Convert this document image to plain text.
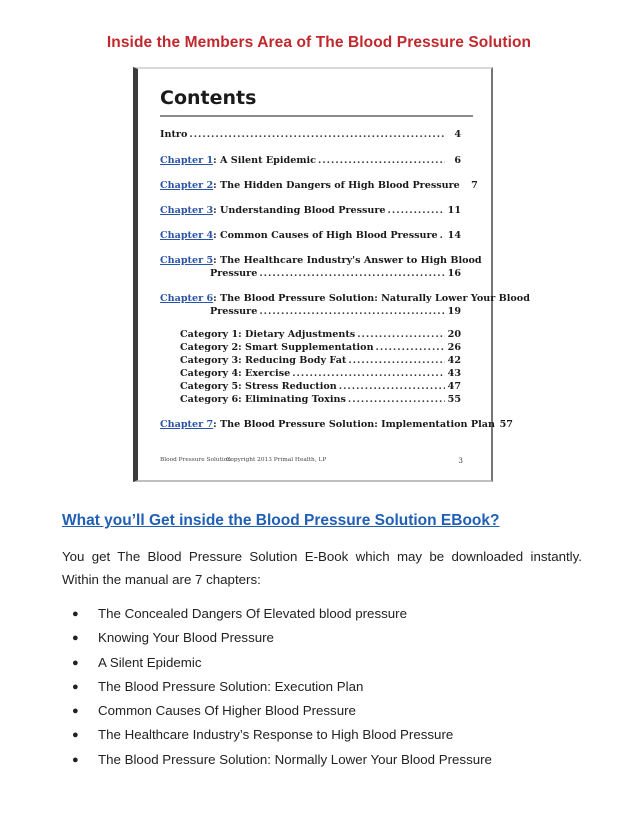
Inside the Members Area of The Blood Pressure Solution
Contents
Intro .....	4
Chapter 1 : A Silent Epidemic .....	6
Chapter 2 : The Hidden Dangers of High Blood Pressure	7
Chapter 3 : Understanding Blood Pressure .....	11
Chapter 4 : Common Causes of High Blood Pressure ..... 14
Chapter 5 : The Healthcare Industry's Answer to High Blood
Pressure .....	16
Chapter 6 : The Blood Pressure Solution: Naturally Lower Your Blood
Pressure .....	19
Category 1: Dietary Adjustments .....	20
Category 2: Smart Supplementation .....	26
Category 3: Reducing Body Fat .....	42
Category 4: Exercise .....	43
Category 5: Stress Reduction .....	47
Category 6: Eliminating Toxins .....	55
Chapter 7 : The Blood Pressure Solution: Implementation Plan 57
Blood Pressure Solution
Copyright 2013 Primal Health, LP	3
What you’ll Get inside the Blood Pressure Solution EBook?
You get The Blood Pressure Solution E-Book which may be downloaded instantly. Within the manual are 7 chapters:
● The Concealed Dangers Of Elevated blood pressure
● Knowing Your Blood Pressure
● A Silent Epidemic
● The Blood Pressure Solution: Execution Plan
● Common Causes Of Higher Blood Pressure
● The Healthcare Industry’s Response to High Blood Pressure
● The Blood Pressure Solution: Normally Lower Your Blood Pressure
